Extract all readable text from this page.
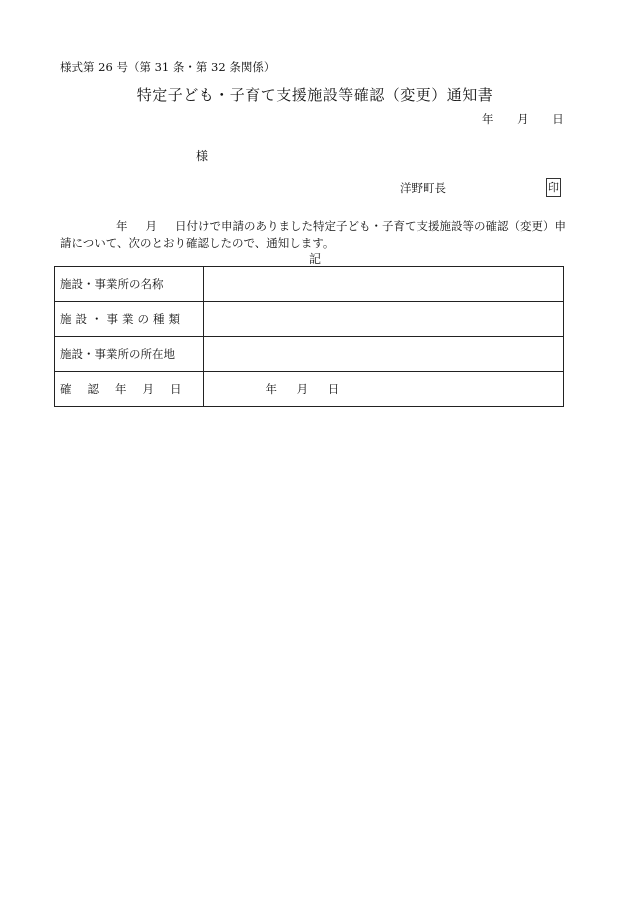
様式第 26 号（第 31 条・第 32 条関係）
特定子ども・子育て支援施設等確認（変更）通知書
年 月 日
様
洋野町長	印
年 月 日付けで申請のありました特定子ども・子育て支援施設等の確認（変更）申請について、次のとおり確認したので、通知します。
記
施設・事業所の名称	
施設・事業の種類	
施設・事業所の所在地	
確認年月日	年 月 日
